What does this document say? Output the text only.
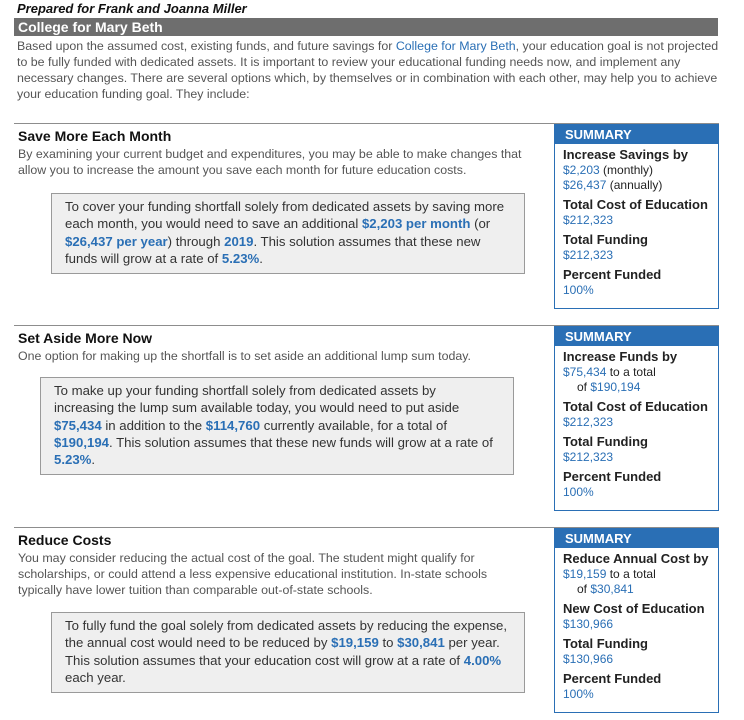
Prepared for Frank and Joanna Miller
College for Mary Beth
Based upon the assumed cost, existing funds, and future savings for College for Mary Beth, your education goal is not projected to be fully funded with dedicated assets. It is important to review your educational funding needs now, and implement any necessary changes. There are several options which, by themselves or in combination with each other, may help you to achieve your education funding goal. They include:
Save More Each Month
By examining your current budget and expenditures, you may be able to make changes that allow you to increase the amount you save each month for future education costs.
To cover your funding shortfall solely from dedicated assets by saving more each month, you would need to save an additional $2,203 per month (or $26,437 per year) through 2019. This solution assumes that these new funds will grow at a rate of 5.23%.
SUMMARY
Increase Savings by
$2,203 (monthly)
$26,437 (annually)
Total Cost of Education
$212,323
Total Funding
$212,323
Percent Funded
100%
Set Aside More Now
One option for making up the shortfall is to set aside an additional lump sum today.
To make up your funding shortfall solely from dedicated assets by increasing the lump sum available today, you would need to put aside $75,434 in addition to the $114,760 currently available, for a total of $190,194. This solution assumes that these new funds will grow at a rate of 5.23%.
SUMMARY
Increase Funds by
$75,434 to a total
of $190,194
Total Cost of Education
$212,323
Total Funding
$212,323
Percent Funded
100%
Reduce Costs
You may consider reducing the actual cost of the goal. The student might qualify for scholarships, or could attend a less expensive educational institution. In-state schools typically have lower tuition than comparable out-of-state schools.
To fully fund the goal solely from dedicated assets by reducing the expense, the annual cost would need to be reduced by $19,159 to $30,841 per year. This solution assumes that your education cost will grow at a rate of 4.00% each year.
SUMMARY
Reduce Annual Cost by
$19,159 to a total
of $30,841
New Cost of Education
$130,966
Total Funding
$130,966
Percent Funded
100%
